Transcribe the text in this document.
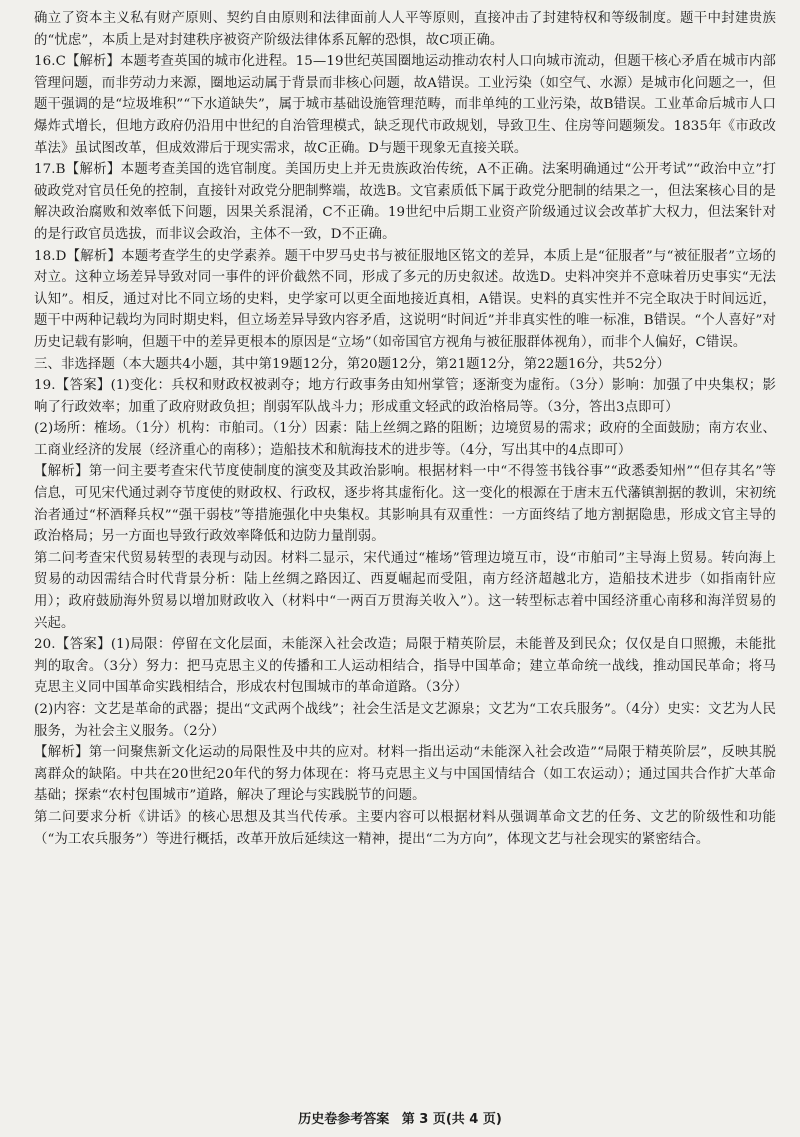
确立了资本主义私有财产原则、契约自由原则和法律面前人人平等原则，直接冲击了封建特权和等级制度。题干中封建贵族的“忧虑”，本质上是对封建秩序被资产阶级法律体系瓦解的恐惧，故C项正确。

16.C【解析】本题考查英国的城市化进程。15—19世纪英国圈地运动推动农村人口向城市流动，但题干核心矛盾在城市内部管理问题，而非劳动力来源，圈地运动属于背景而非核心问题，故A错误。工业污染（如空气、水源）是城市化问题之一，但题干强调的是“垃圾堆积”“下水道缺失”，属于城市基础设施管理范畴，而非单纯的工业污染，故B错误。工业革命后城市人口爆炸式增长，但地方政府仍沿用中世纪的自治管理模式，缺乏现代市政规划，导致卫生、住房等问题频发。1835年《市政改革法》虽试图改革，但成效滞后于现实需求，故C正确。D与题干现象无直接关联。

17.B【解析】本题考查美国的选官制度。美国历史上并无贵族政治传统，A不正确。法案明确通过“公开考试”“政治中立”打破政党对官员任免的控制，直接针对政党分肥制弊端，故选B。文官素质低下属于政党分肥制的结果之一，但法案核心目的是解决政治腐败和效率低下问题，因果关系混淆，C不正确。19世纪中后期工业资产阶级通过议会改革扩大权力，但法案针对的是行政官员选拔，而非议会政治，主体不一致，D不正确。

18.D【解析】本题考查学生的史学素养。题干中罗马史书与被征服地区铭文的差异，本质上是“征服者”与“被征服者”立场的对立。这种立场差异导致对同一事件的评价截然不同，形成了多元的历史叙述。故选D。史料冲突并不意味着历史事实“无法认知”。相反，通过对比不同立场的史料，史学家可以更全面地接近真相，A错误。史料的真实性并不完全取决于时间远近，题干中两种记载均为同时期史料，但立场差异导致内容矛盾，这说明“时间近”并非真实性的唯一标准，B错误。“个人喜好”对历史记载有影响，但题干中的差异更根本的原因是“立场”（如帝国官方视角与被征服群体视角），而非个人偏好，C错误。

三、非选择题（本大题共4小题，其中第19题12分，第20题12分，第21题12分，第22题16分，共52分）

19.【答案】(1)变化：兵权和财政权被剥夺；地方行政事务由知州掌管；逐渐变为虚衔。（3分）影响：加强了中央集权；影响了行政效率；加重了政府财政负担；削弱军队战斗力；形成重文轻武的政治格局等。（3分，答出3点即可）

(2)场所：榷场。（1分）机构：市舶司。（1分）因素：陆上丝绸之路的阻断；边境贸易的需求；政府的全面鼓励；南方农业、工商业经济的发展（经济重心的南移）；造船技术和航海技术的进步等。（4分，写出其中的4点即可）

【解析】第一问主要考查宋代节度使制度的演变及其政治影响。根据材料一中“不得签书钱谷事”“政悉委知州”“但存其名”等信息，可见宋代通过剥夺节度使的财政权、行政权，逐步将其虚衔化。这一变化的根源在于唐末五代藩镇割据的教训，宋初统治者通过“杯酒释兵权”“强干弱枝”等措施强化中央集权。其影响具有双重性：一方面终结了地方割据隐患，形成文官主导的政治格局；另一方面也导致行政效率降低和边防力量削弱。

第二问考查宋代贸易转型的表现与动因。材料二显示，宋代通过“榷场”管理边境互市，设“市舶司”主导海上贸易。转向海上贸易的动因需结合时代背景分析：陆上丝绸之路因辽、西夏崛起而受阻，南方经济超越北方，造船技术进步（如指南针应用）；政府鼓励海外贸易以增加财政收入（材料中“一两百万贯海关收入”）。这一转型标志着中国经济重心南移和海洋贸易的兴起。

20.【答案】(1)局限：停留在文化层面，未能深入社会改造；局限于精英阶层，未能普及到民众；仅仅是自口照搬，未能批判的取舍。（3分）努力：把马克思主义的传播和工人运动相结合，指导中国革命；建立革命统一战线，推动国民革命；将马克思主义同中国革命实践相结合，形成农村包围城市的革命道路。（3分）

(2)内容：文艺是革命的武器；提出“文武两个战线”；社会生活是文艺源泉；文艺为“工农兵服务”。（4分）史实：文艺为人民服务，为社会主义服务。（2分）

【解析】第一问聚焦新文化运动的局限性及中共的应对。材料一指出运动“未能深入社会改造”“局限于精英阶层”，反映其脱离群众的缺陷。中共在20世纪20年代的努力体现在：将马克思主义与中国国情结合（如工农运动）；通过国共合作扩大革命基础；探索“农村包围城市”道路，解决了理论与实践脱节的问题。

第二问要求分析《讲话》的核心思想及其当代传承。主要内容可以根据材料从强调革命文艺的任务、文艺的阶级性和功能（“为工农兵服务”）等进行概括，改革开放后延续这一精神，提出“二为方向”，体现文艺与社会现实的紧密结合。

历史卷参考答案 第 3 页(共 4 页)
